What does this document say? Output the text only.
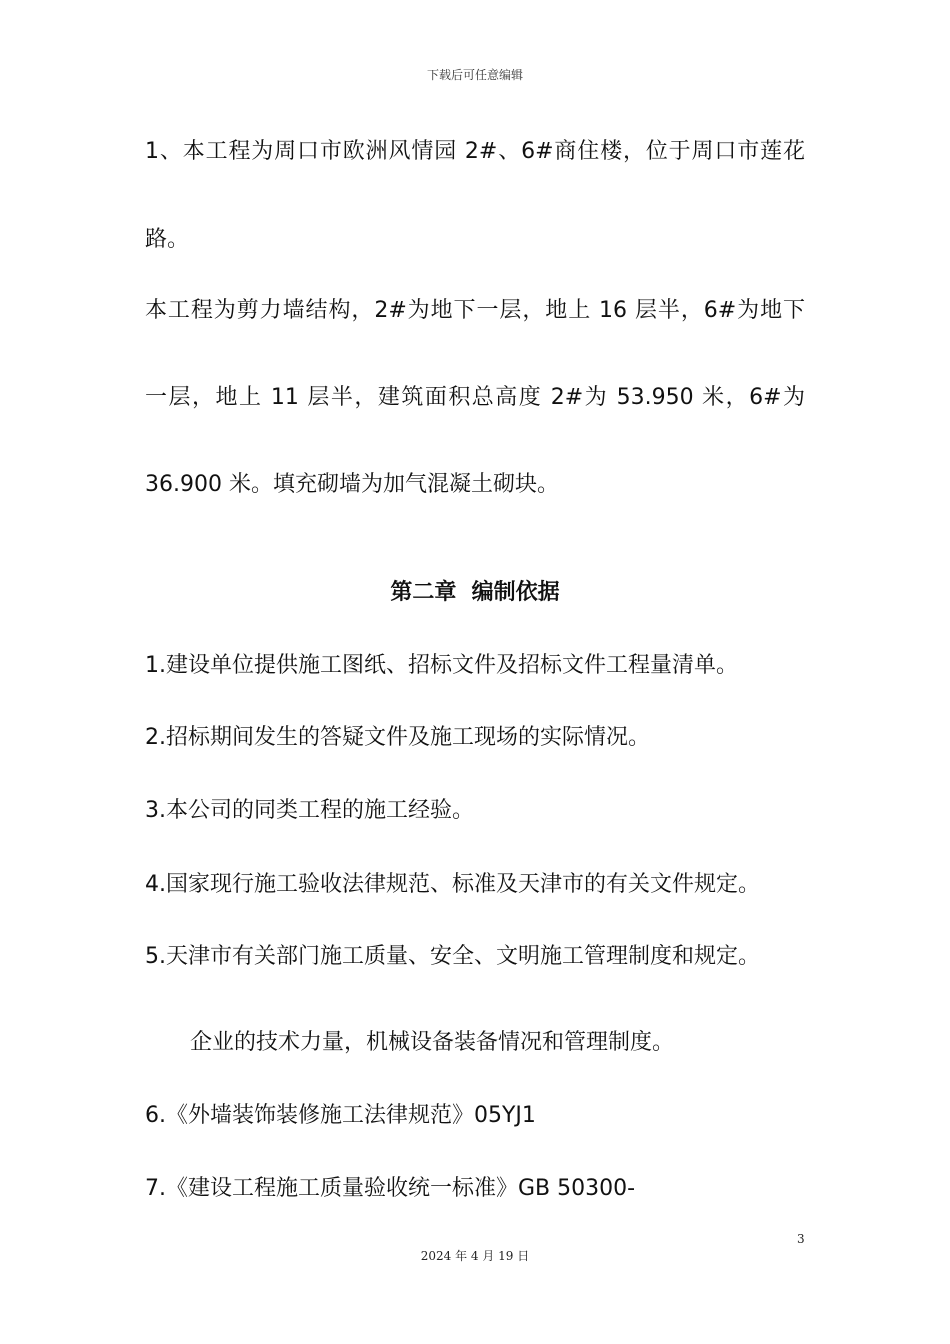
下载后可任意编辑
1、本工程为周口市欧洲风情园 2#、6#商住楼，位于周口市莲花
路。
本工程为剪力墙结构，2#为地下一层，地上 16 层半，6#为地下
一层，地上 11 层半，建筑面积总高度 2#为 53.950 米，6#为
36.900 米。填充砌墙为加气混凝土砌块。
第二章  编制依据
1.建设单位提供施工图纸、招标文件及招标文件工程量清单。
2.招标期间发生的答疑文件及施工现场的实际情况。
3.本公司的同类工程的施工经验。
4.国家现行施工验收法律规范、标准及天津市的有关文件规定。
5.天津市有关部门施工质量、安全、文明施工管理制度和规定。
企业的技术力量，机械设备装备情况和管理制度。
6.《外墙装饰装修施工法律规范》05YJ1
7.《建设工程施工质量验收统一标准》GB 50300-
3
2024 年 4 月 19 日
